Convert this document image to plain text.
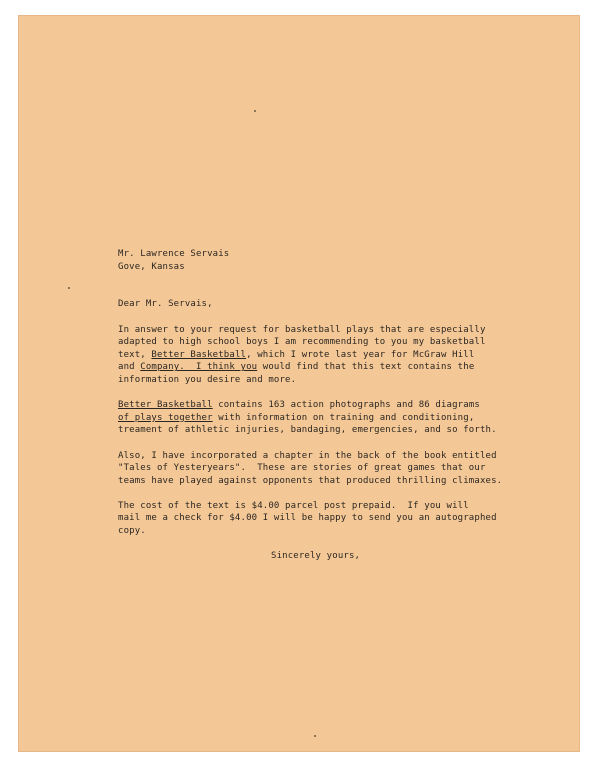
Mr. Lawrence Servais
Gove, Kansas
Dear Mr. Servais,
In answer to your request for basketball plays that are especially
adapted to high school boys I am recommending to you my basketball
text, Better Basketball, which I wrote last year for McGraw Hill
and Company.  I think you would find that this text contains the
information you desire and more.
Better Basketball contains 163 action photographs and 86 diagrams
of plays together with information on training and conditioning,
treament of athletic injuries, bandaging, emergencies, and so forth.
Also, I have incorporated a chapter in the back of the book entitled
"Tales of Yesteryears".  These are stories of great games that our
teams have played against opponents that produced thrilling climaxes.
The cost of the text is $4.00 parcel post prepaid.  If you will
mail me a check for $4.00 I will be happy to send you an autographed
copy.
Sincerely yours,
